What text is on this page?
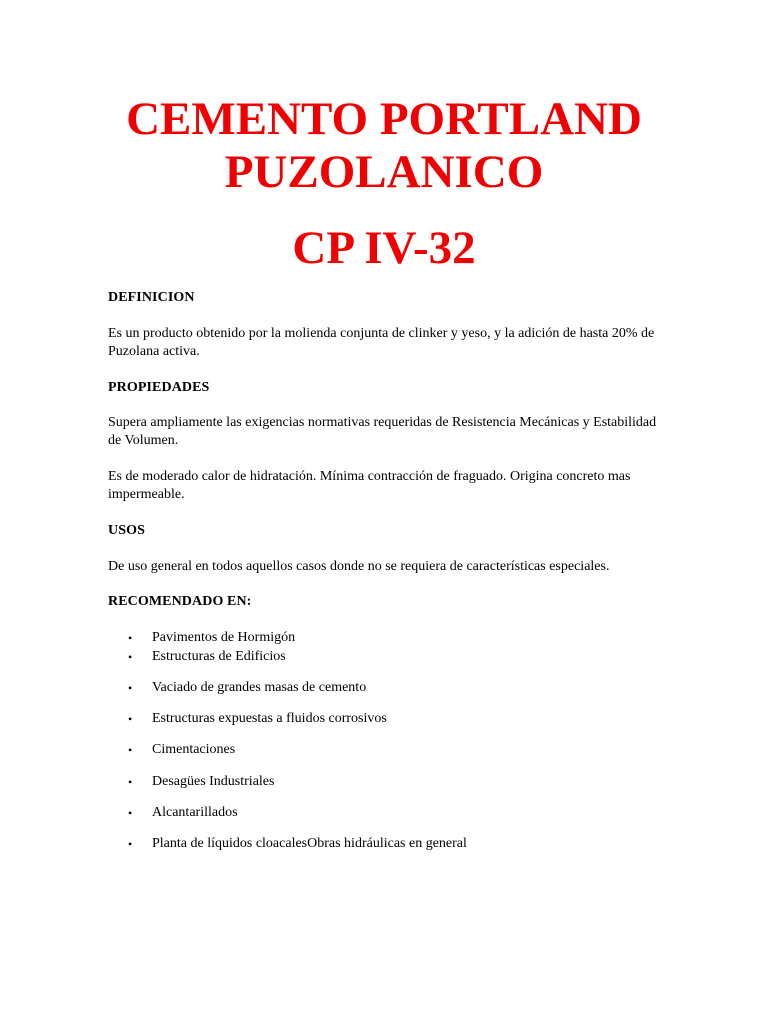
CEMENTO PORTLAND
PUZOLANICO
CP IV-32
DEFINICION

Es un producto obtenido por la molienda conjunta de clinker y yeso, y la adición de hasta 20% de Puzolana activa.

PROPIEDADES

Supera ampliamente las exigencias normativas requeridas de Resistencia Mecánicas y Estabilidad de Volumen.

Es de moderado calor de hidratación. Mínima contracción de fraguado. Origina concreto mas impermeable.

USOS

De uso general en todos aquellos casos donde no se requiera de características especiales.

RECOMENDADO EN:
• Pavimentos de Hormigón
• Estructuras de Edificios
• Vaciado de grandes masas de cemento
• Estructuras expuestas a fluidos corrosivos
• Cimentaciones
• Desagües Industriales
• Alcantarillados
• Planta de líquidos cloacalesObras hidráulicas en general
